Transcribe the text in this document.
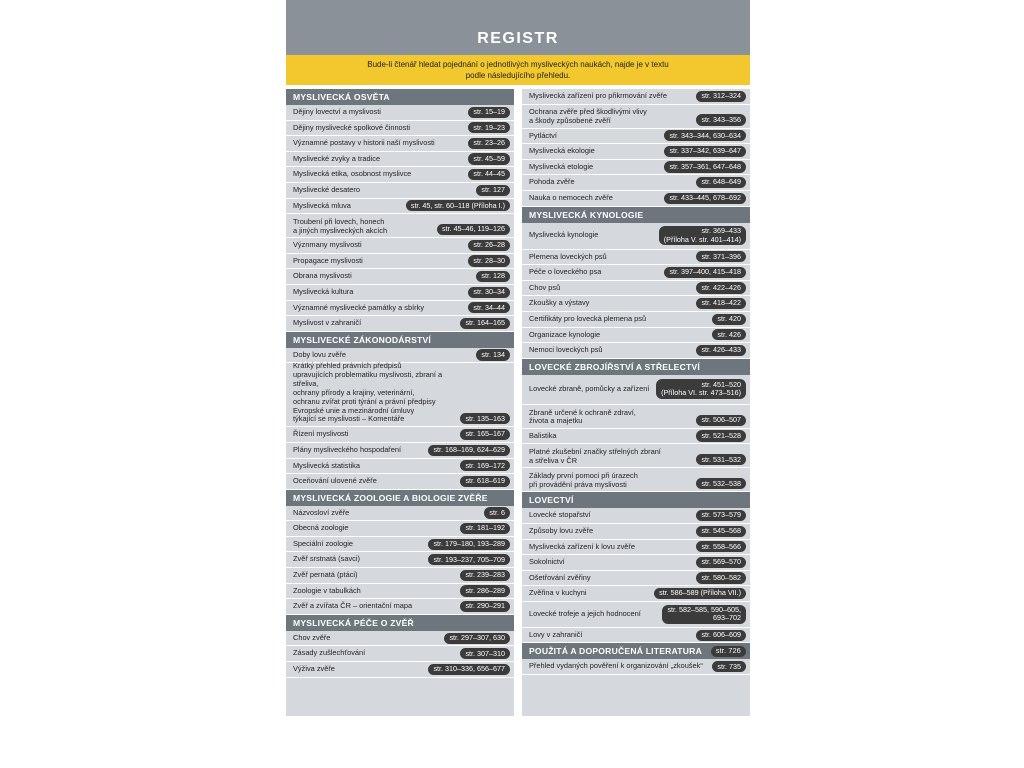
REGISTR
Bude-li čtenář hledat pojednání o jednotlivých mysliveckých naukách, najde je v textu
podle následujícího přehledu.
MYSLIVECKÁ OSVĚTA
Dějiny lovectví a myslivosti	str. 15–19
Dějiny myslivecké spolkové činnosti	str. 19–23
Významné postavy v historii naší myslivosti	str. 23–26
Myslivecké zvyky a tradice	str. 45–59
Myslivecká etika, osobnost myslivce	str. 44–45
Myslivecké desatero	str. 127
Myslivecká mluva	str. 45, str. 60–118 (Příloha I.)
Troubení při lovech, honech
a jiných mysliveckých akcích	str. 45–46, 119–126
Význmany myslivosti	str. 26–28
Propagace myslivosti	str. 28–30
Obrana myslivosti	str. 128
Myslivecká kultura	str. 30–34
Významné myslivecké památky a sbírky	str. 34–44
Myslivost v zahraničí	str. 164–165
MYSLIVECKÉ ZÁKONODÁRSTVÍ
Doby lovu zvěře	str. 134
Krátký přehled právních předpisů
upravujících problematiku myslivosti, zbraní a střeliva,
ochrany přírody a krajiny, veterinární,
ochranu zvířat proti týrání a právní předpisy
Evropské unie a mezinárodní úmluvy
týkající se myslivosti – Komentáře	str. 135–163
Řízení myslivosti	str. 165–167
Plány mysliveckého hospodaření	str. 168–169, 624–629
Myslivecká statistika	str. 169–172
Oceňování ulovené zvěře	str. 618–619
MYSLIVECKÁ ZOOLOGIE A BIOLOGIE ZVĚŘE
Názvosloví zvěře	str. 6
Obecná zoologie	str. 181–192
Speciální zoologie	str. 179–180, 193–289
Zvěř srstnatá (savci)	str. 193–237, 705–709
Zvěř pernatá (ptáci)	str. 239–283
Zoologie v tabulkách	str. 286–289
Zvěř a zvířata ČR – orientační mapa	str. 290–291
MYSLIVECKÁ PÉČE O ZVĚŘ
Chov zvěře	str. 297–307, 630
Zásady zušlechťování	str. 307–310
Výživa zvěře	str. 310–336, 656–677
Myslivecká zařízení pro přikrmování zvěře	str. 312–324
Ochrana zvěře před škodlivými vlivy
a škody způsobené zvěří	str. 343–356
Pytláctví	str. 343–344, 630–634
Myslivecká ekologie	str. 337–342, 639–647
Myslivecká etologie	str. 357–361, 647–648
Pohoda zvěře	str. 648–649
Nauka o nemocech zvěře	str. 433–445, 678–692
MYSLIVECKÁ KYNOLOGIE
Myslivecká kynologie	str. 369–433
(Příloha V. str. 401–414)
Plemena loveckých psů	str. 371–396
Péče o loveckého psa	str. 397–400, 415–418
Chov psů	str. 422–426
Zkoušky a výstavy	str. 418–422
Certifikáty pro lovecká plemena psů	str. 420
Organizace kynologie	str. 426
Nemoci loveckých psů	str. 426–433
LOVECKÉ ZBROJÍŘSTVÍ A STŘELECTVÍ
Lovecké zbraně, pomůcky a zařízení	str. 451–520
(Příloha VI. str. 473–516)
Zbraně určené k ochraně zdraví,
života a majetku	str. 506–507
Balistika	str. 521–528
Platné zkušební značky střelných zbraní
a střeliva v ČR	str. 531–532
Základy první pomoci při úrazech
při provádění práva myslivosti	str. 532–538
LOVECTVÍ
Lovecké stopařství	str. 573–579
Způsoby lovu zvěře	str. 545–568
Myslivecká zařízení k lovu zvěře	str. 558–566
Sokolnictví	str. 569–570
Ošetřování zvěřiny	str. 580–582
Zvěřina v kuchyni	str. 586–589 (Příloha VII.)
Lovecké trofeje a jejich hodnocení	str. 582–585, 590–605,
693–702
Lovy v zahraničí	str. 606–609
POUŽITÁ A DOPORUČENÁ LITERATURA	str. 726
Přehled vydaných pověření k organizování „zkoušek“	str. 735
